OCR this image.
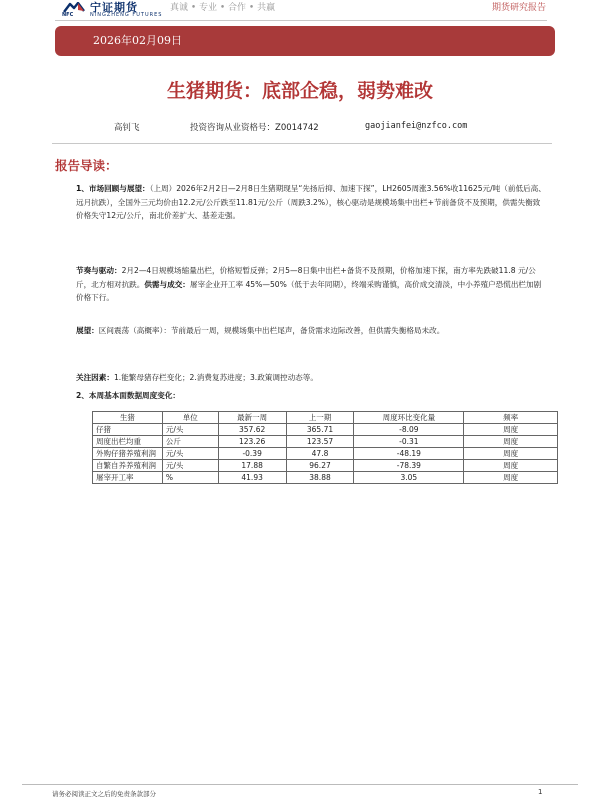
NFC
宁证期货
NINGZHENG FUTURES
真诚 • 专业 • 合作 • 共赢	期货研究报告
2026年02月09日
生猪期货：底部企稳，弱势难改
高钊飞	投资咨询从业资格号：Z0014742	gaojianfei@nzfco.com
报告导读：

1、市场回顾与展望：（上周）2026年2月2日—2月8日生猪期现呈“先扬后抑、加速下探”，LH2605周涨3.56%收11625元/吨（前低后高、远月抗跌），全国外三元均价由12.2元/公斤跌至11.81元/公斤（周跌3.2%），核心驱动是规模场集中出栏+节前备货不及预期，供需失衡致价格失守12元/公斤，南北价差扩大、基差走强。

节奏与驱动：2月2—4日规模场缩量出栏，价格短暂反弹；2月5—8日集中出栏+备货不及预期，价格加速下探，南方率先跌破11.8 元/公斤，北方相对抗跌。供需与成交：屠宰企业开工率 45%—50%（低于去年同期），终端采购谨慎，高价成交清淡，中小养殖户恐慌出栏加剧价格下行。

展望：区间震荡（高概率）：节前最后一周，规模场集中出栏尾声，备货需求边际改善，但供需失衡格局未改。

关注因素：1.能繁母猪存栏变化；2.消费复苏进度；3.政策调控动态等。

2、本周基本面数据周度变化：

生猪	单位	最新一周	上一期	周度环比变化量	频率
仔猪	元/头	357.62	365.71	-8.09	周度
周度出栏均重	公斤	123.26	123.57	-0.31	周度
外购仔猪养殖利润	元/头	-0.39	47.8	-48.19	周度
自繁自养养殖利润	元/头	17.88	96.27	-78.39	周度
屠宰开工率	%	41.93	38.88	3.05	周度
请务必阅读正文之后的免责条款部分	1
